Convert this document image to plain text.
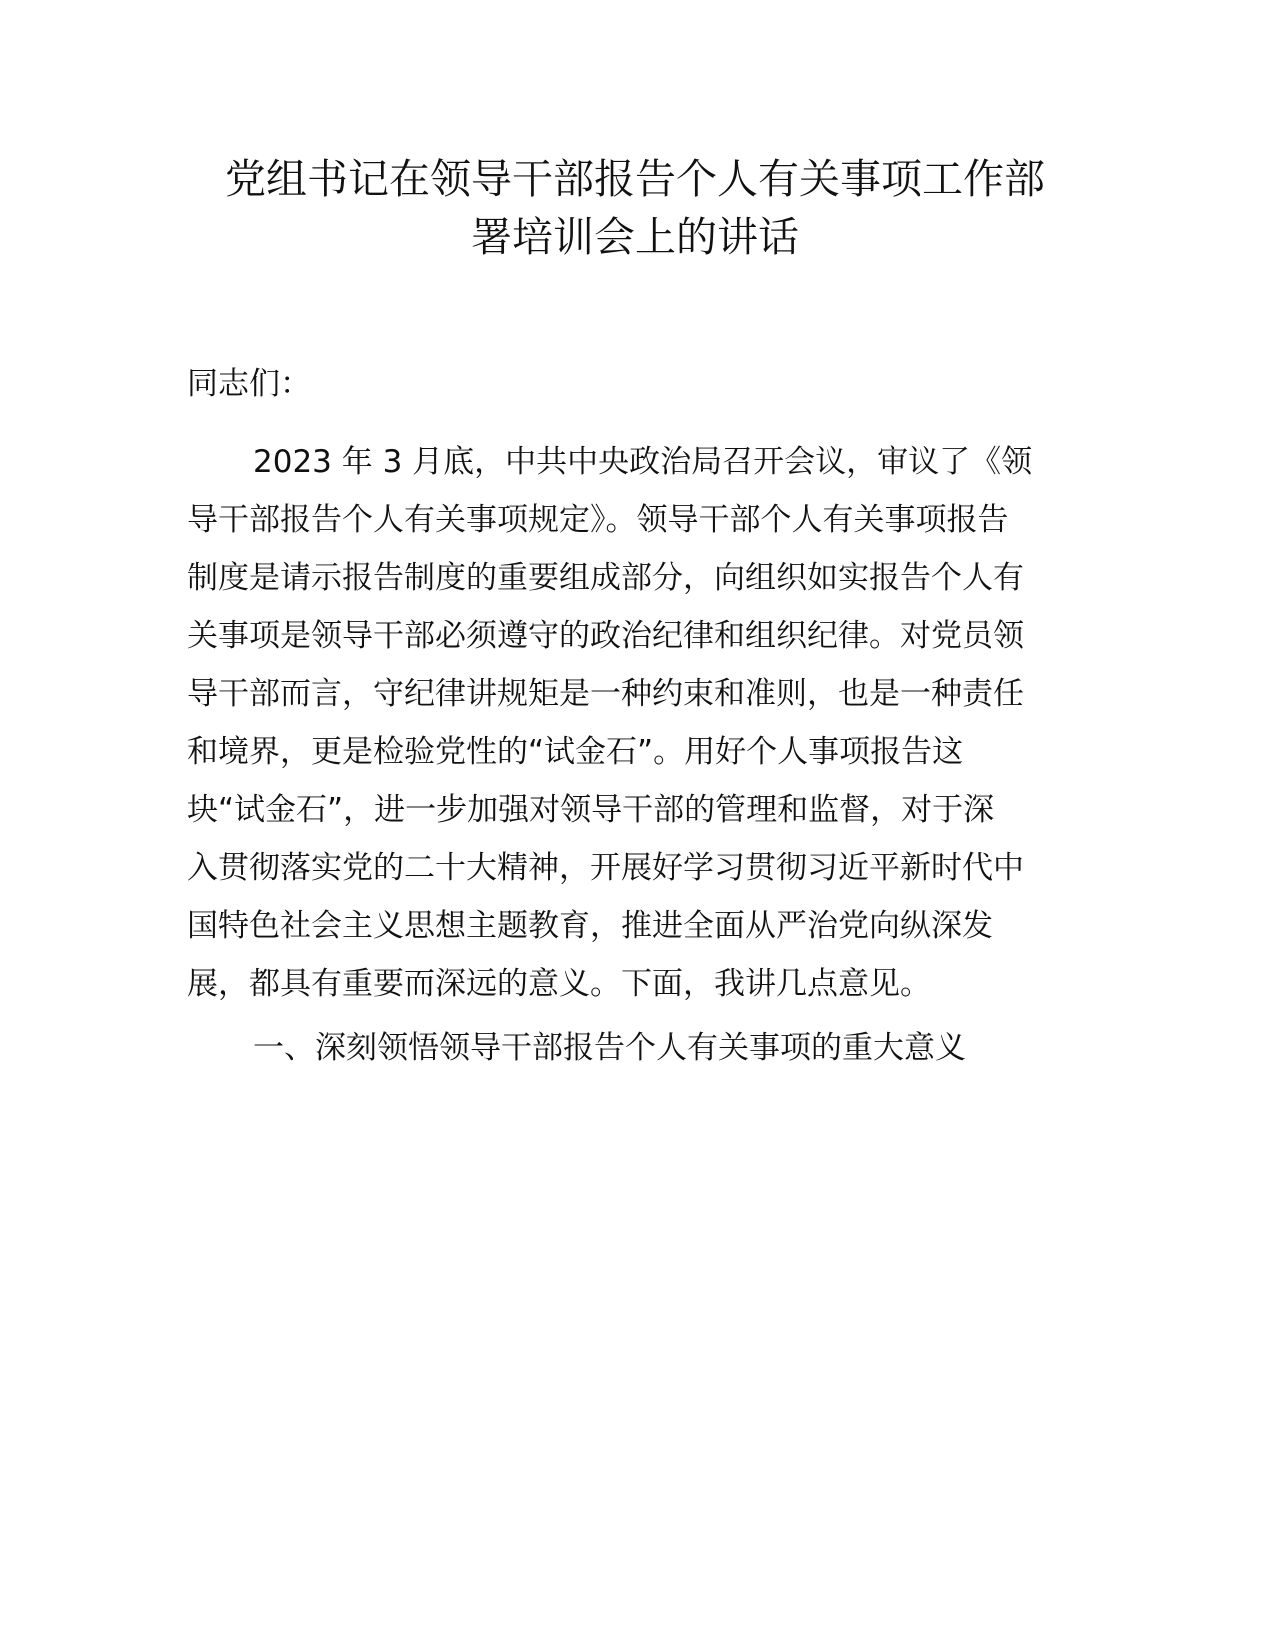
党组书记在领导干部报告个人有关事项工作部
署培训会上的讲话
同志们：
2023 年 3 月底，中共中央政治局召开会议，审议了《领
导干部报告个人有关事项规定》。领导干部个人有关事项报告
制度是请示报告制度的重要组成部分，向组织如实报告个人有
关事项是领导干部必须遵守的政治纪律和组织纪律。对党员领
导干部而言，守纪律讲规矩是一种约束和准则，也是一种责任
和境界，更是检验党性的“试金石”。用好个人事项报告这
块“试金石”，进一步加强对领导干部的管理和监督，对于深
入贯彻落实党的二十大精神，开展好学习贯彻习近平新时代中
国特色社会主义思想主题教育，推进全面从严治党向纵深发
展，都具有重要而深远的意义。下面，我讲几点意见。
一、深刻领悟领导干部报告个人有关事项的重大意义
